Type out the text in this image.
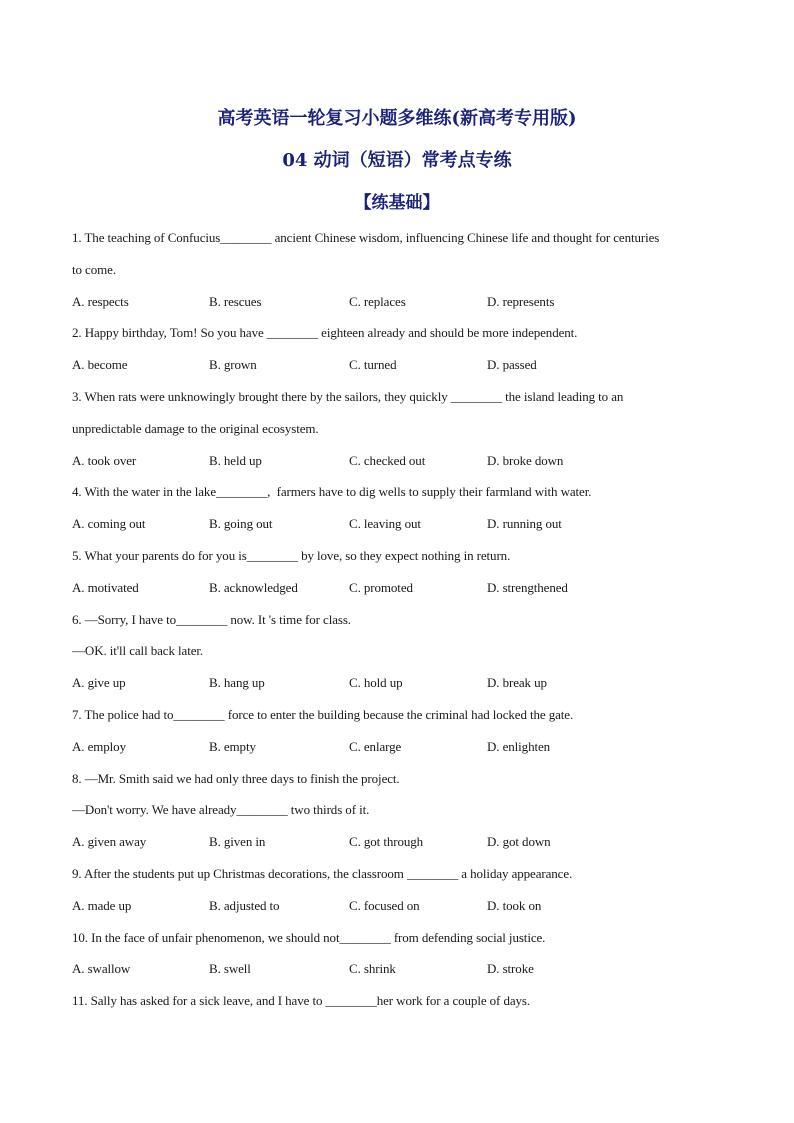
高考英语一轮复习小题多维练(新高考专用版)
04 动词（短语）常考点专练
【练基础】
1. The teaching of Confucius________ ancient Chinese wisdom, influencing Chinese life and thought for centuries
to come.
A. respects	B. rescues	C. replaces	D. represents
2. Happy birthday, Tom! So you have ________ eighteen already and should be more independent.
A. become	B. grown	C. turned	D. passed
3. When rats were unknowingly brought there by the sailors, they quickly ________ the island leading to an
unpredictable damage to the original ecosystem.
A. took over	B. held up	C. checked out	D. broke down
4. With the water in the lake________,  farmers have to dig wells to supply their farmland with water.
A. coming out	B. going out	C. leaving out	D. running out
5. What your parents do for you is________ by love, so they expect nothing in return.
A. motivated	B. acknowledged	C. promoted	D. strengthened
6. —Sorry, I have to________ now. It 's time for class.
—OK. it'll call back later.
A. give up	B. hang up	C. hold up	D. break up
7. The police had to________ force to enter the building because the criminal had locked the gate.
A. employ	B. empty	C. enlarge	D. enlighten
8. —Mr. Smith said we had only three days to finish the project.
—Don't worry. We have already________ two thirds of it.
A. given away	B. given in	C. got through	D. got down
9. After the students put up Christmas decorations, the classroom ________ a holiday appearance.
A. made up	B. adjusted to	C. focused on	D. took on
10. In the face of unfair phenomenon, we should not________ from defending social justice.
A. swallow	B. swell	C. shrink	D. stroke
11. Sally has asked for a sick leave, and I have to ________her work for a couple of days.
